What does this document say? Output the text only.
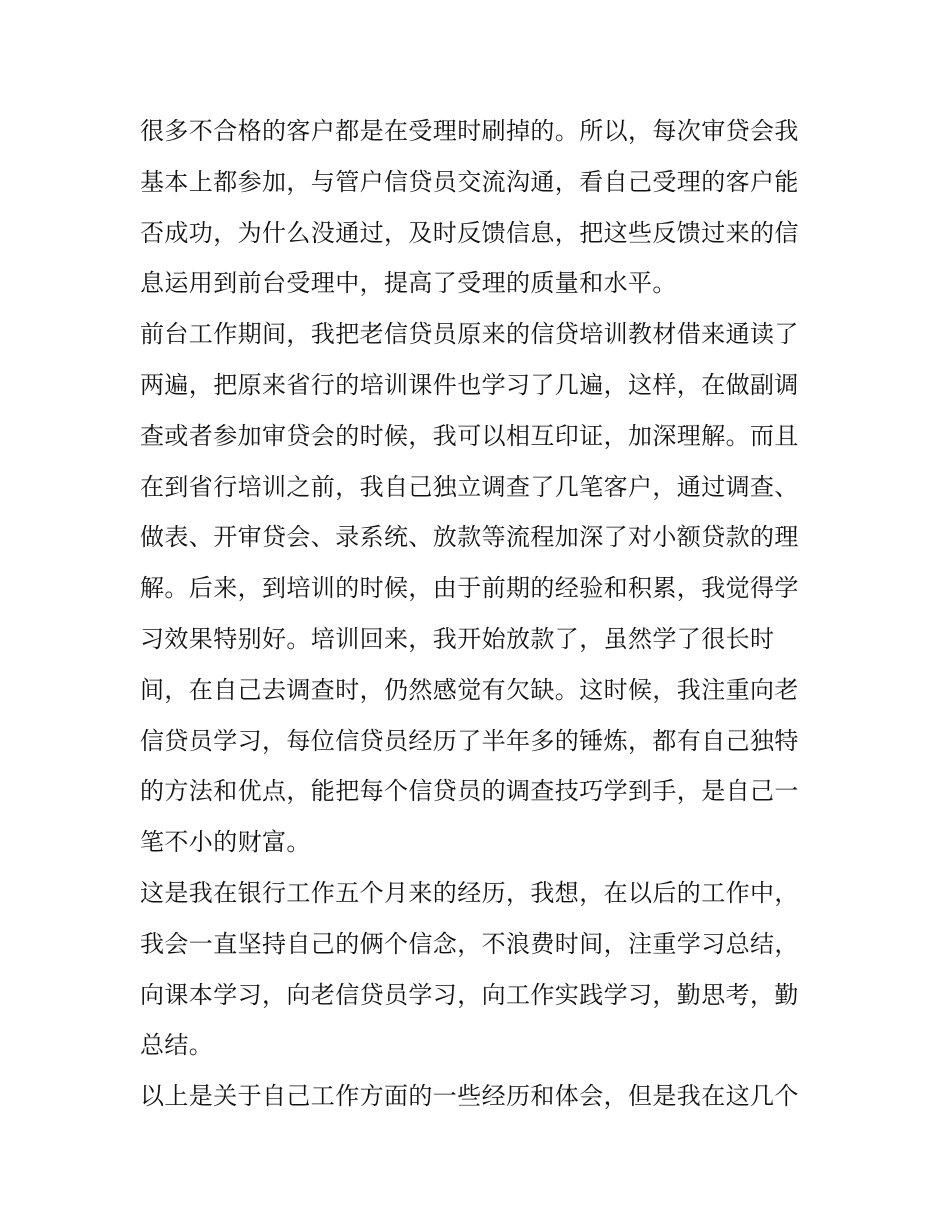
很多不合格的客户都是在受理时刷掉的。所以，每次审贷会我
基本上都参加，与管户信贷员交流沟通，看自己受理的客户能
否成功，为什么没通过，及时反馈信息，把这些反馈过来的信
息运用到前台受理中，提高了受理的质量和水平。
前台工作期间，我把老信贷员原来的信贷培训教材借来通读了
两遍，把原来省行的培训课件也学习了几遍，这样，在做副调
查或者参加审贷会的时候，我可以相互印证，加深理解。而且
在到省行培训之前，我自己独立调查了几笔客户，通过调查、
做表、开审贷会、录系统、放款等流程加深了对小额贷款的理
解。后来，到培训的时候，由于前期的经验和积累，我觉得学
习效果特别好。培训回来，我开始放款了，虽然学了很长时
间，在自己去调查时，仍然感觉有欠缺。这时候，我注重向老
信贷员学习，每位信贷员经历了半年多的锤炼，都有自己独特
的方法和优点，能把每个信贷员的调查技巧学到手，是自己一
笔不小的财富。
这是我在银行工作五个月来的经历，我想，在以后的工作中，
我会一直坚持自己的俩个信念，不浪费时间，注重学习总结，
向课本学习，向老信贷员学习，向工作实践学习，勤思考，勤
总结。
以上是关于自己工作方面的一些经历和体会，但是我在这几个
